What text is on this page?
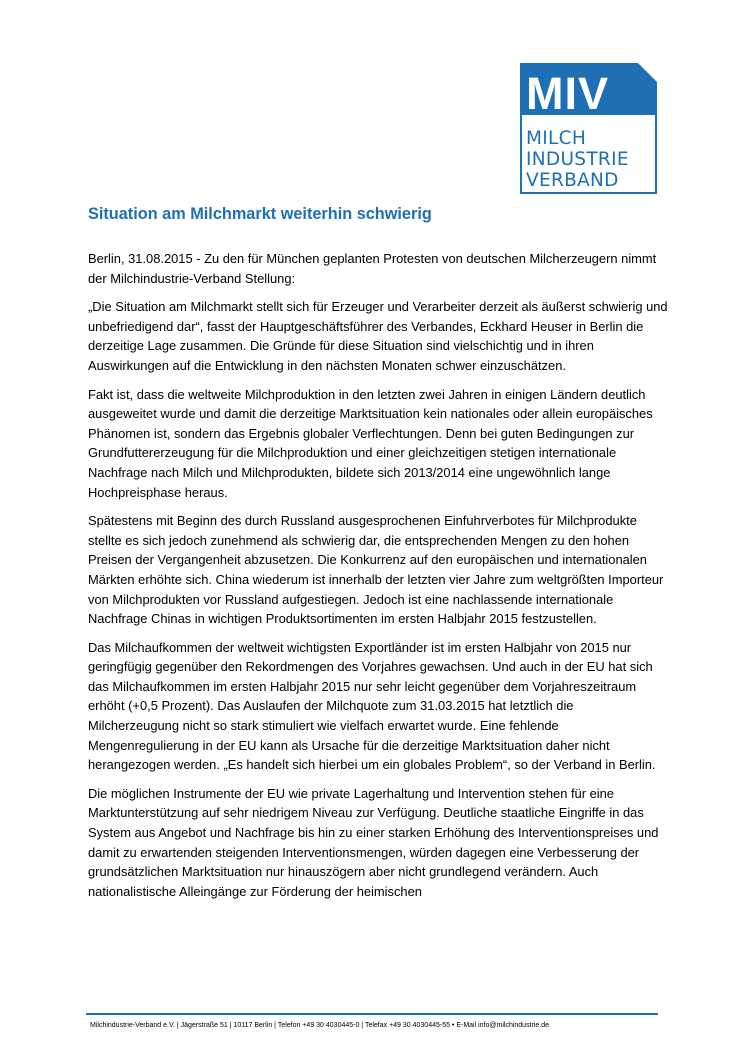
MIV
MILCH
INDUSTRIE
VERBAND
Situation am Milchmarkt weiterhin schwierig

Berlin, 31.08.2015 - Zu den für München geplanten Protesten von deutschen Milcherzeugern nimmt der Milchindustrie-Verband Stellung:

„Die Situation am Milchmarkt stellt sich für Erzeuger und Verarbeiter derzeit als äußerst schwierig und unbefriedigend dar“, fasst der Hauptgeschäftsführer des Verbandes, Eckhard Heuser in Berlin die derzeitige Lage zusammen. Die Gründe für diese Situation sind vielschichtig und in ihren Auswirkungen auf die Entwicklung in den nächsten Monaten schwer einzuschätzen.

Fakt ist, dass die weltweite Milchproduktion in den letzten zwei Jahren in einigen Ländern deutlich ausgeweitet wurde und damit die derzeitige Marktsituation kein nationales oder allein europäisches Phänomen ist, sondern das Ergebnis globaler Verflechtungen. Denn bei guten Bedingungen zur Grundfuttererzeugung für die Milchproduktion und einer gleichzeitigen stetigen internationale Nachfrage nach Milch und Milchprodukten, bildete sich 2013/2014 eine ungewöhnlich lange Hochpreisphase heraus.

Spätestens mit Beginn des durch Russland ausgesprochenen Einfuhrverbotes für Milchprodukte stellte es sich jedoch zunehmend als schwierig dar, die entsprechenden Mengen zu den hohen Preisen der Vergangenheit abzusetzen. Die Konkurrenz auf den europäischen und internationalen Märkten erhöhte sich. China wiederum ist innerhalb der letzten vier Jahre zum weltgrößten Importeur von Milchprodukten vor Russland aufgestiegen. Jedoch ist eine nachlassende internationale Nachfrage Chinas in wichtigen Produktsortimenten im ersten Halbjahr 2015 festzustellen.

Das Milchaufkommen der weltweit wichtigsten Exportländer ist im ersten Halbjahr von 2015 nur geringfügig gegenüber den Rekordmengen des Vorjahres gewachsen. Und auch in der EU hat sich das Milchaufkommen im ersten Halbjahr 2015 nur sehr leicht gegenüber dem Vorjahreszeitraum erhöht (+0,5 Prozent). Das Auslaufen der Milchquote zum 31.03.2015 hat letztlich die Milcherzeugung nicht so stark stimuliert wie vielfach erwartet wurde. Eine fehlende Mengenregulierung in der EU kann als Ursache für die derzeitige Marktsituation daher nicht herangezogen werden. „Es handelt sich hierbei um ein globales Problem“, so der Verband in Berlin.

Die möglichen Instrumente der EU wie private Lagerhaltung und Intervention stehen für eine Marktunterstützung auf sehr niedrigem Niveau zur Verfügung. Deutliche staatliche Eingriffe in das System aus Angebot und Nachfrage bis hin zu einer starken Erhöhung des Interventionspreises und damit zu erwartenden steigenden Interventionsmengen, würden dagegen eine Verbesserung der grundsätzlichen Marktsituation nur hinauszögern aber nicht grundlegend verändern. Auch nationalistische Alleingänge zur Förderung der heimischen

Milchindustrie-Verband e.V. | Jägerstraße 51 | 10117 Berlin | Telefon +49 30 4030445-0 | Telefax +49 30 4030445-55 • E-Mail info@milchindustrie.de
